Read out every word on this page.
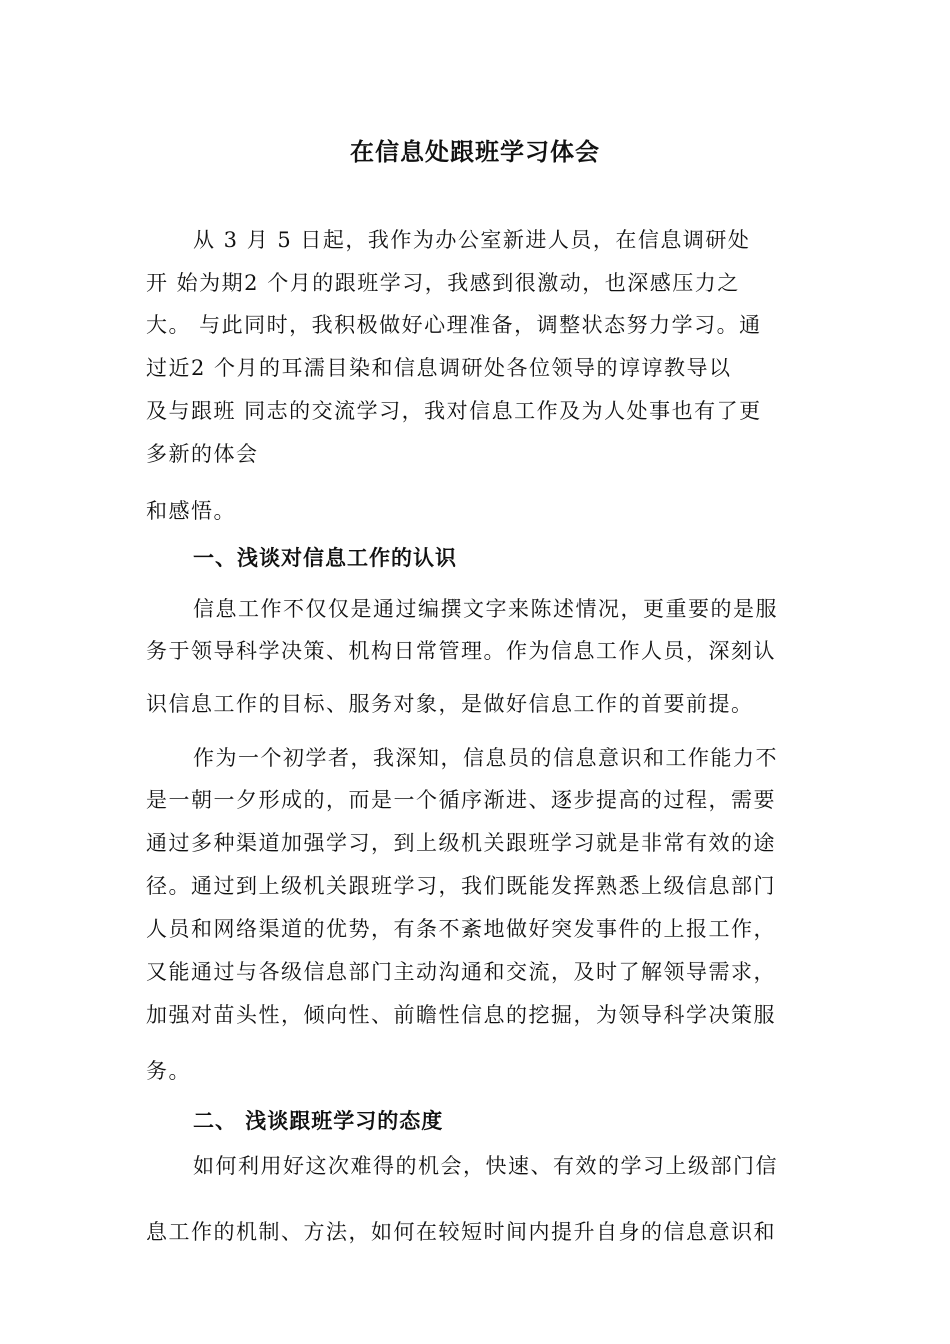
在信息处跟班学习体会
从 3 月 5 日起，我作为办公室新进人员，在信息调研处
开 始为期2 个月的跟班学习，我感到很激动，也深感压力之
大。 与此同时，我积极做好心理准备，调整状态努力学习。通
过近2 个月的耳濡目染和信息调研处各位领导的谆谆教导以
及与跟班 同志的交流学习，我对信息工作及为人处事也有了更
多新的体会
和感悟。
一、浅谈对信息工作的认识
信息工作不仅仅是通过编撰文字来陈述情况，更重要的是服
务于领导科学决策、机构日常管理。作为信息工作人员，深刻认
识信息工作的目标、服务对象，是做好信息工作的首要前提。
作为一个初学者，我深知，信息员的信息意识和工作能力不
是一朝一夕形成的，而是一个循序渐进、逐步提高的过程，需要
通过多种渠道加强学习，到上级机关跟班学习就是非常有效的途
径。通过到上级机关跟班学习，我们既能发挥熟悉上级信息部门
人员和网络渠道的优势，有条不紊地做好突发事件的上报工作，
又能通过与各级信息部门主动沟通和交流，及时了解领导需求，
加强对苗头性，倾向性、前瞻性信息的挖掘，为领导科学决策服
务。
二、 浅谈跟班学习的态度
如何利用好这次难得的机会，快速、有效的学习上级部门信
息工作的机制、方法，如何在较短时间内提升自身的信息意识和
